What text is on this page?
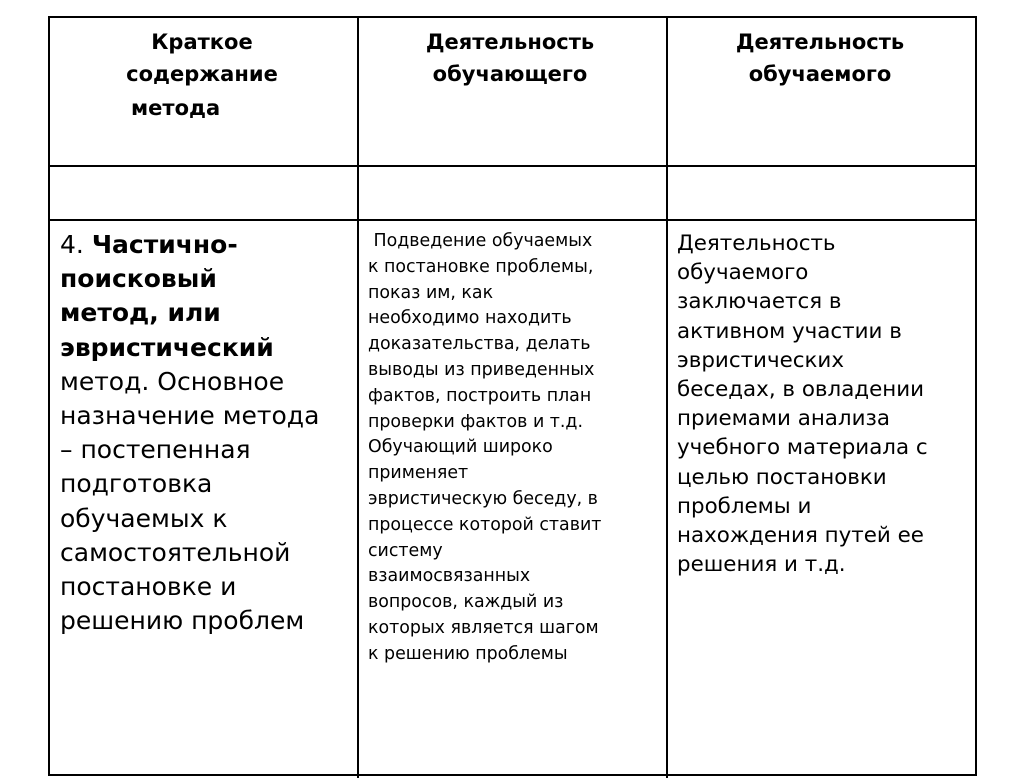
Краткое
содержание
метода
Деятельность
обучающего
Деятельность
обучаемого
4. Частично-
поисковый
метод, или
эвристический
метод. Основное
назначение метода
– постепенная
подготовка
обучаемых к
самостоятельной
постановке и
решению проблем
Подведение обучаемых
к постановке проблемы,
показ им, как
необходимо находить
доказательства, делать
выводы из приведенных
фактов, построить план
проверки фактов и т.д.
Обучающий широко
применяет
эвристическую беседу, в
процессе которой ставит
систему
взаимосвязанных
вопросов, каждый из
которых является шагом
к решению проблемы
Деятельность
обучаемого
заключается в
активном участии в
эвристических
беседах, в овладении
приемами анализа
учебного материала с
целью постановки
проблемы и
нахождения путей ее
решения и т.д.
